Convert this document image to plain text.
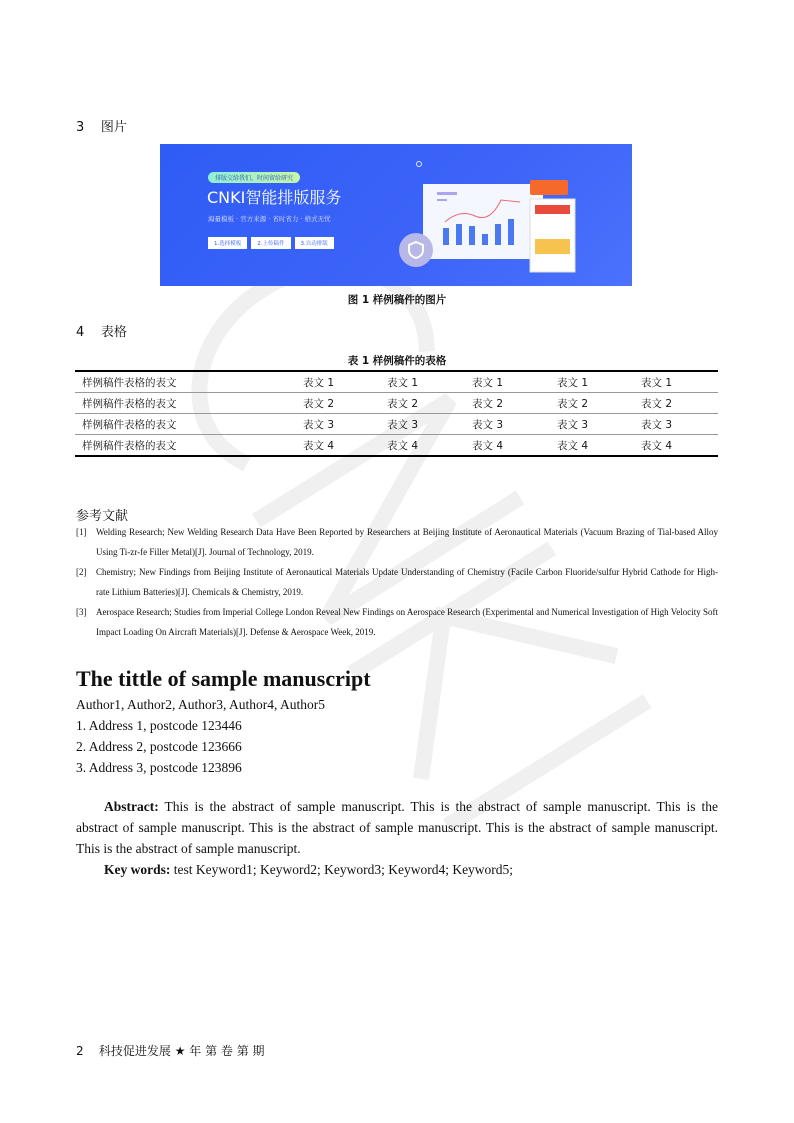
3 图片
排版交给我们，时间留给研究
CNKI智能排版服务
海量模板 · 官方来源 · 省时省力 · 格式无忧
1.选择模板	2.上传稿件	3.自动排版
图 1 样例稿件的图片
4 表格
表 1 样例稿件的表格
样例稿件表格的表文	表文 1	表文 1	表文 1	表文 1	表文 1
样例稿件表格的表文	表文 2	表文 2	表文 2	表文 2	表文 2
样例稿件表格的表文	表文 3	表文 3	表文 3	表文 3	表文 3
样例稿件表格的表文	表文 4	表文 4	表文 4	表文 4	表文 4
参考文献
[1] Welding Research; New Welding Research Data Have Been Reported by Researchers at Beijing Institute of Aeronautical Materials (Vacuum Brazing of Tial-based Alloy Using Ti-zr-fe Filler Metal)[J]. Journal of Technology, 2019.
[2] Chemistry; New Findings from Beijing Institute of Aeronautical Materials Update Understanding of Chemistry (Facile Carbon Fluoride/sulfur Hybrid Cathode for High-rate Lithium Batteries)[J]. Chemicals & Chemistry, 2019.
[3] Aerospace Research; Studies from Imperial College London Reveal New Findings on Aerospace Research (Experimental and Numerical Investigation of High Velocity Soft Impact Loading On Aircraft Materials)[J]. Defense & Aerospace Week, 2019.
The tittle of sample manuscript
Author1, Author2, Author3, Author4, Author5
1. Address 1, postcode 123446
2. Address 2, postcode 123666
3. Address 3, postcode 123896
Abstract: This is the abstract of sample manuscript. This is the abstract of sample manuscript. This is the abstract of sample manuscript. This is the abstract of sample manuscript. This is the abstract of sample manuscript. This is the abstract of sample manuscript.
Key words: test Keyword1; Keyword2; Keyword3; Keyword4; Keyword5;
2 科技促进发展 ★ 年 第 卷 第 期
